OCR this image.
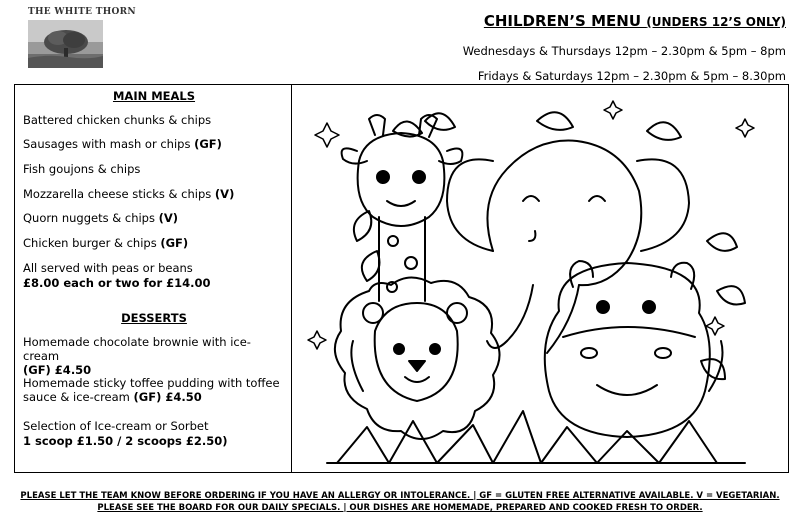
THE WHITE THORN	CHILDREN’S MENU (UNDERS 12’S ONLY)
Wednesdays & Thursdays 12pm – 2.30pm & 5pm – 8pm
Fridays & Saturdays 12pm – 2.30pm & 5pm – 8.30pm
MAIN MEALS
Battered chicken chunks & chips
Sausages with mash or chips (GF)
Fish goujons & chips
Mozzarella cheese sticks & chips (V)
Quorn nuggets & chips (V)
Chicken burger & chips (GF)
All served with peas or beans
£8.00 each or two for £14.00
DESSERTS
Homemade chocolate brownie with ice-cream
(GF) £4.50
Homemade sticky toffee pudding with toffee sauce & ice-cream (GF) £4.50
Selection of Ice-cream or Sorbet
1 scoop £1.50 / 2 scoops £2.50)
PLEASE LET THE TEAM KNOW BEFORE ORDERING IF YOU HAVE AN ALLERGY OR INTOLERANCE. | GF = GLUTEN FREE ALTERNATIVE AVAILABLE. V = VEGETARIAN.
PLEASE SEE THE BOARD FOR OUR DAILY SPECIALS. | OUR DISHES ARE HOMEMADE, PREPARED AND COOKED FRESH TO ORDER.
